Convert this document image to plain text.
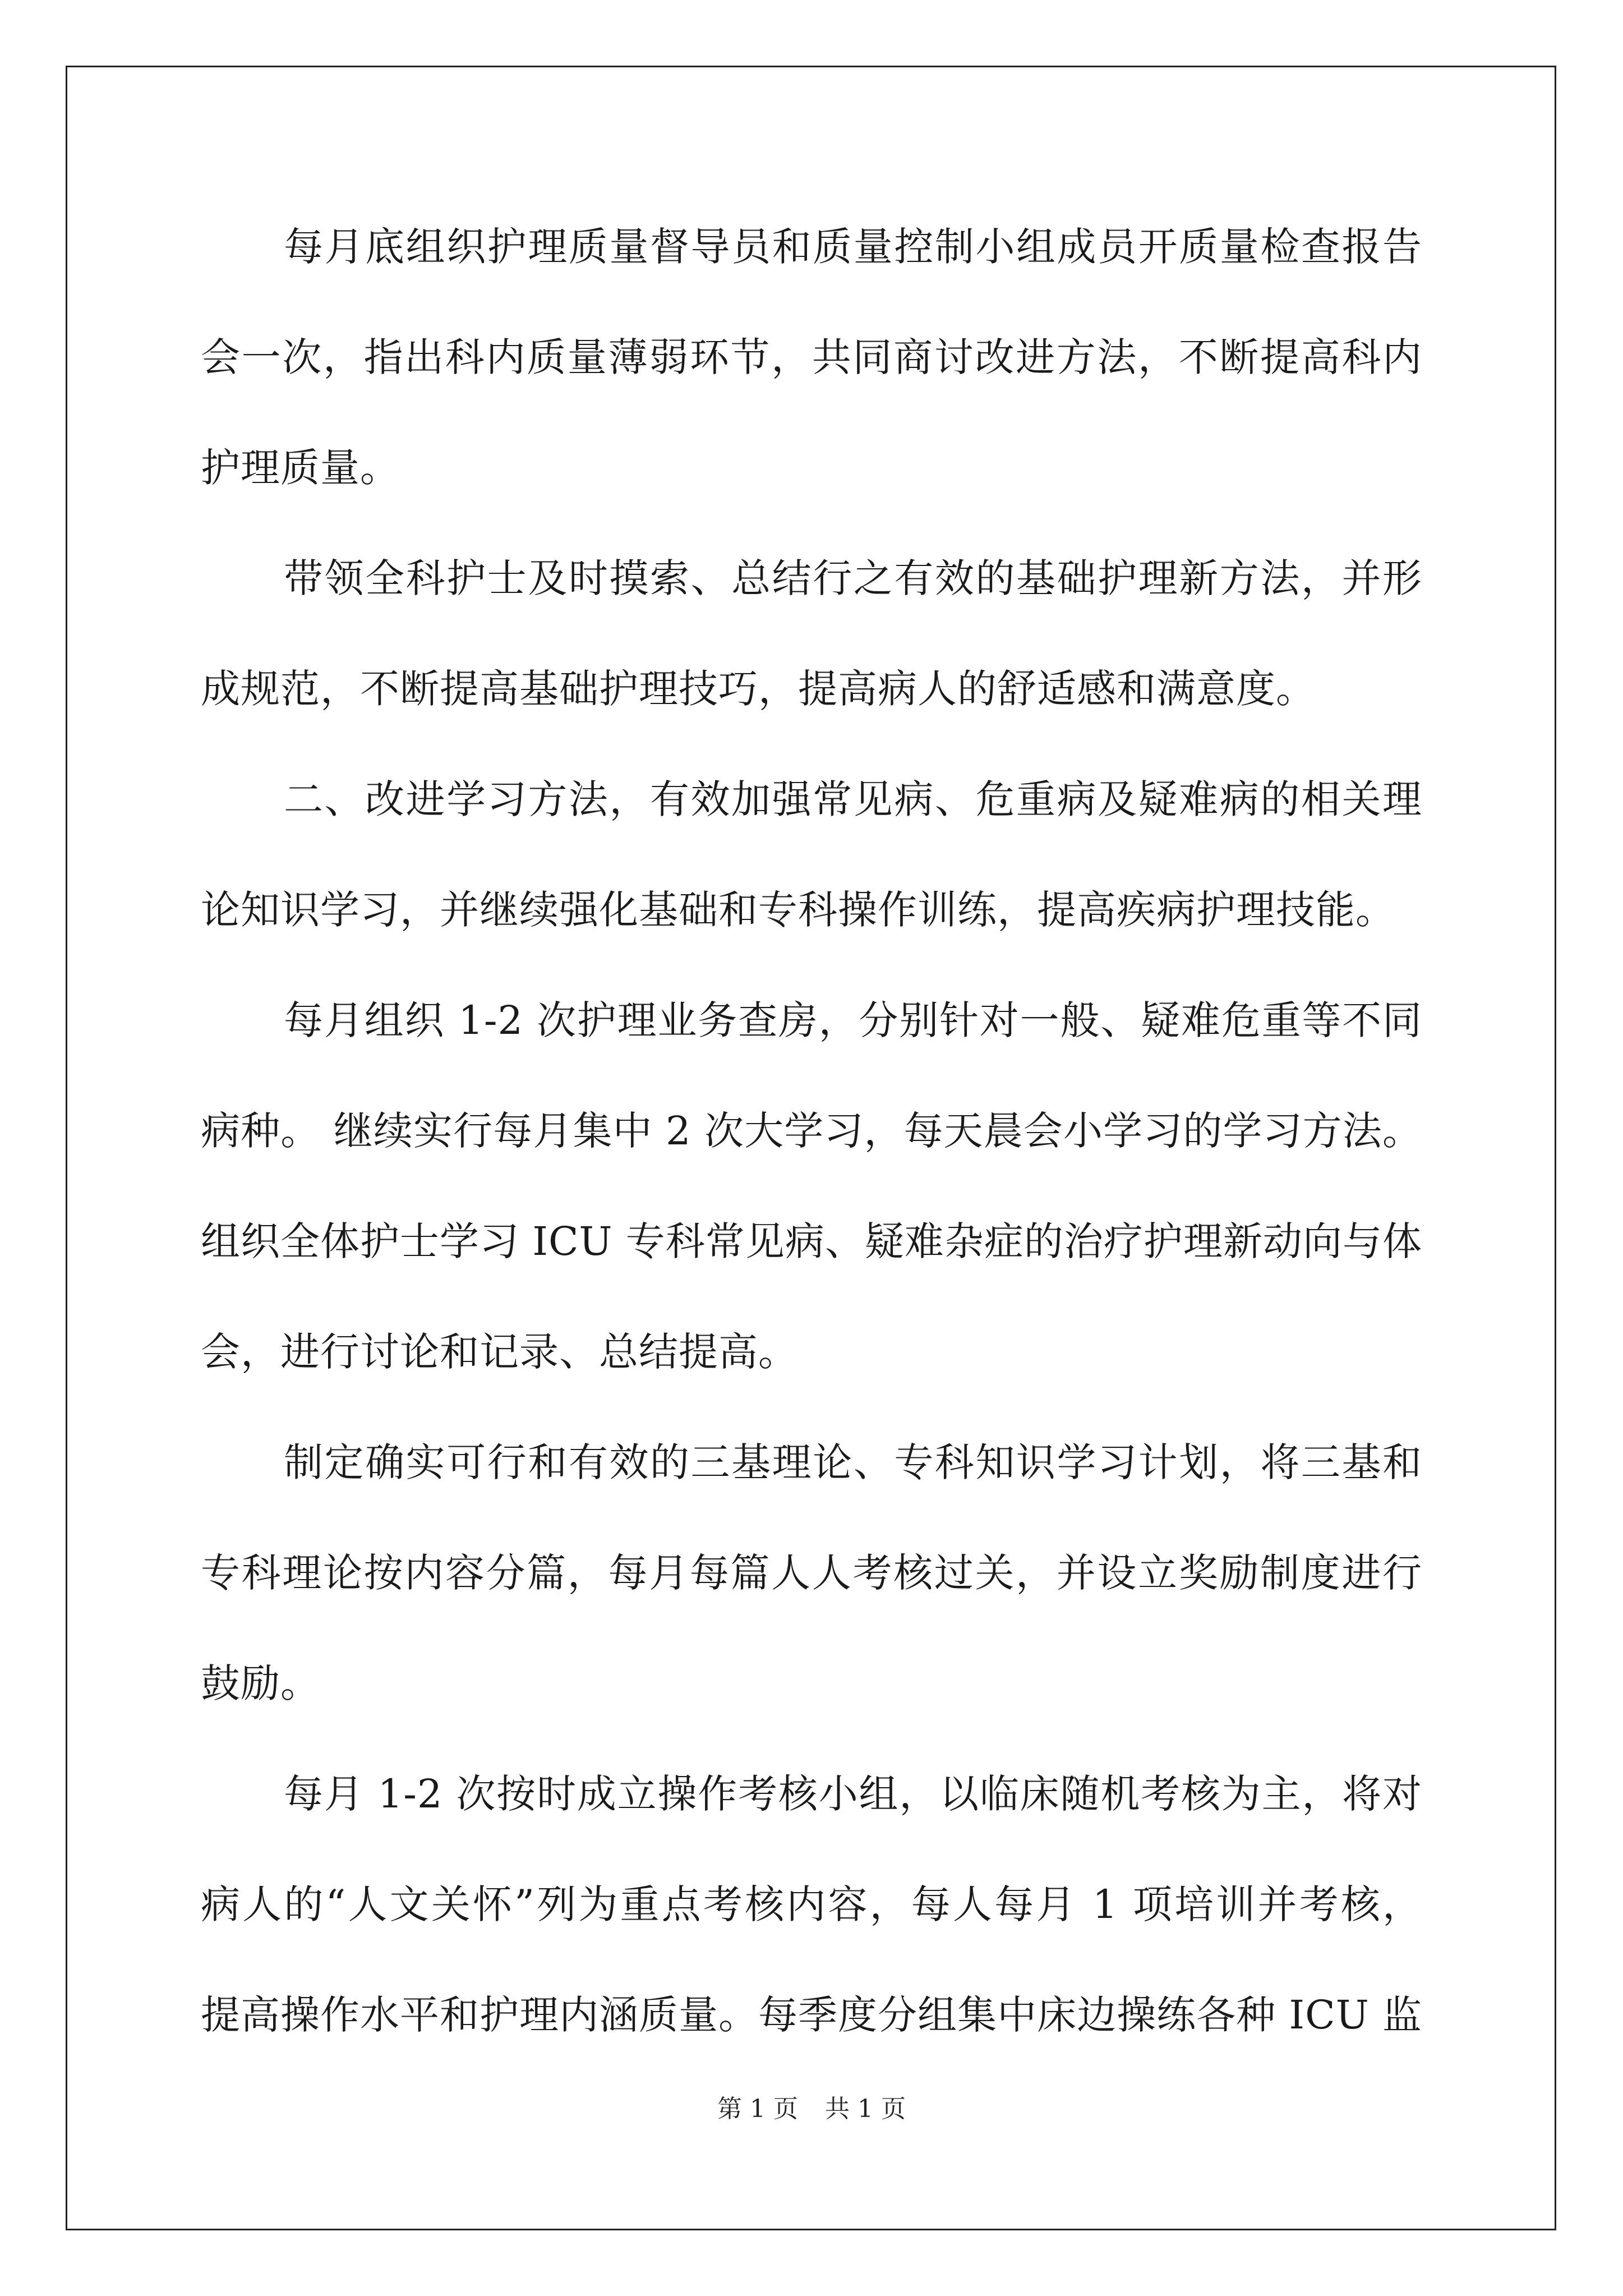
每月底组织护理质量督导员和质量控制小组成员开质量检查报告
会一次，指出科内质量薄弱环节，共同商讨改进方法，不断提高科内
护理质量。
带领全科护士及时摸索、总结行之有效的基础护理新方法，并形
成规范，不断提高基础护理技巧，提高病人的舒适感和满意度。
二、改进学习方法，有效加强常见病、危重病及疑难病的相关理
论知识学习，并继续强化基础和专科操作训练，提高疾病护理技能。
每月组织 1-2 次护理业务查房，分别针对一般、疑难危重等不同
病种。 继续实行每月集中 2 次大学习，每天晨会小学习的学习方法。
组织全体护士学习 ICU 专科常见病、疑难杂症的治疗护理新动向与体
会，进行讨论和记录、总结提高。
制定确实可行和有效的三基理论、专科知识学习计划，将三基和
专科理论按内容分篇，每月每篇人人考核过关，并设立奖励制度进行
鼓励。
每月 1-2 次按时成立操作考核小组，以临床随机考核为主，将对
病人的“人文关怀”列为重点考核内容，每人每月 1 项培训并考核，
提高操作水平和护理内涵质量。每季度分组集中床边操练各种 ICU 监
第 1 页 共 1 页
